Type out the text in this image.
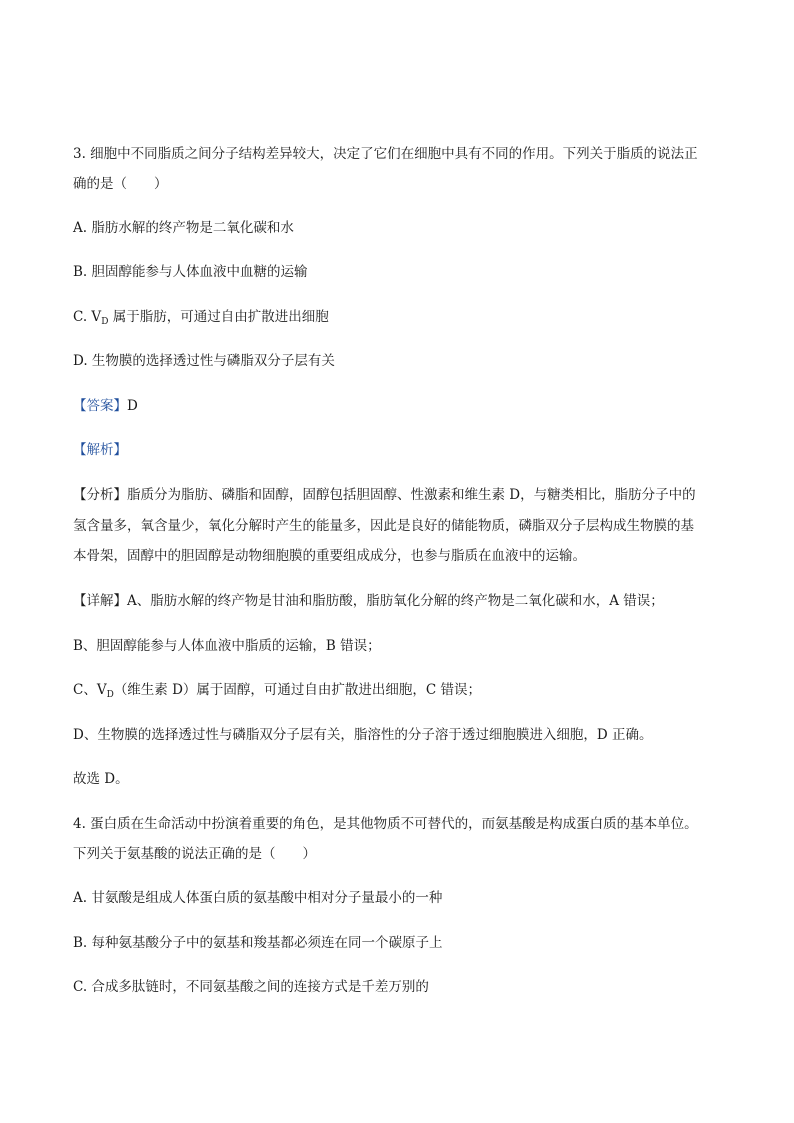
3. 细胞中不同脂质之间分子结构差异较大，决定了它们在细胞中具有不同的作用。下列关于脂质的说法正
确的是（　　）
A. 脂肪水解的终产物是二氧化碳和水
B. 胆固醇能参与人体血液中血糖的运输
C. $V_D$ 属于脂肪，可通过自由扩散进出细胞
D. 生物膜的选择透过性与磷脂双分子层有关
【答案】D
【解析】
【分析】脂质分为脂肪、磷脂和固醇，固醇包括胆固醇、性激素和维生素 D，与糖类相比，脂肪分子中的
氢含量多，氧含量少，氧化分解时产生的能量多，因此是良好的储能物质，磷脂双分子层构成生物膜的基
本骨架，固醇中的胆固醇是动物细胞膜的重要组成成分，也参与脂质在血液中的运输。
【详解】A、脂肪水解的终产物是甘油和脂肪酸，脂肪氧化分解的终产物是二氧化碳和水，A 错误；
B、胆固醇能参与人体血液中脂质的运输，B 错误；
C、$V_D$（维生素 D）属于固醇，可通过自由扩散进出细胞，C 错误；
D、生物膜的选择透过性与磷脂双分子层有关，脂溶性的分子溶于透过细胞膜进入细胞，D 正确。
故选 D。
4. 蛋白质在生命活动中扮演着重要的角色，是其他物质不可替代的，而氨基酸是构成蛋白质的基本单位。
下列关于氨基酸的说法正确的是（　　）
A. 甘氨酸是组成人体蛋白质的氨基酸中相对分子量最小的一种
B. 每种氨基酸分子中的氨基和羧基都必须连在同一个碳原子上
C. 合成多肽链时，不同氨基酸之间的连接方式是千差万别的
